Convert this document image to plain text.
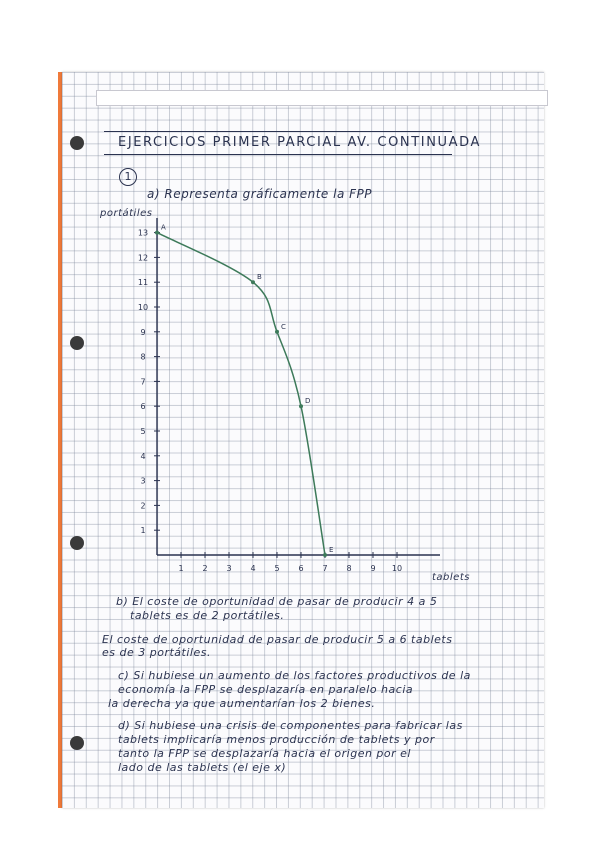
EJERCICIOS PRIMER PARCIAL AV. CONTINUADA
1
a) Representa gráficamente la FPP
portátiles
tablets
1 2 3 4 5 6 7 8 9 10
1
2
3
4
5
6
7
8
9
10
11
12
13
A
B
C
D
E
b) El coste de oportunidad de pasar de producir 4 a 5
tablets es de 2 portátiles.
El coste de oportunidad de pasar de producir 5 a 6 tablets
es de 3 portátiles.
c) Si hubiese un aumento de los factores productivos de la
economía la FPP se desplazaría en paralelo hacia
la derecha ya que aumentarían los 2 bienes.
d) Si hubiese una crisis de componentes para fabricar las
tablets implicaría menos producción de tablets y por
tanto la FPP se desplazaría hacia el origen por el
lado de las tablets (el eje x)
